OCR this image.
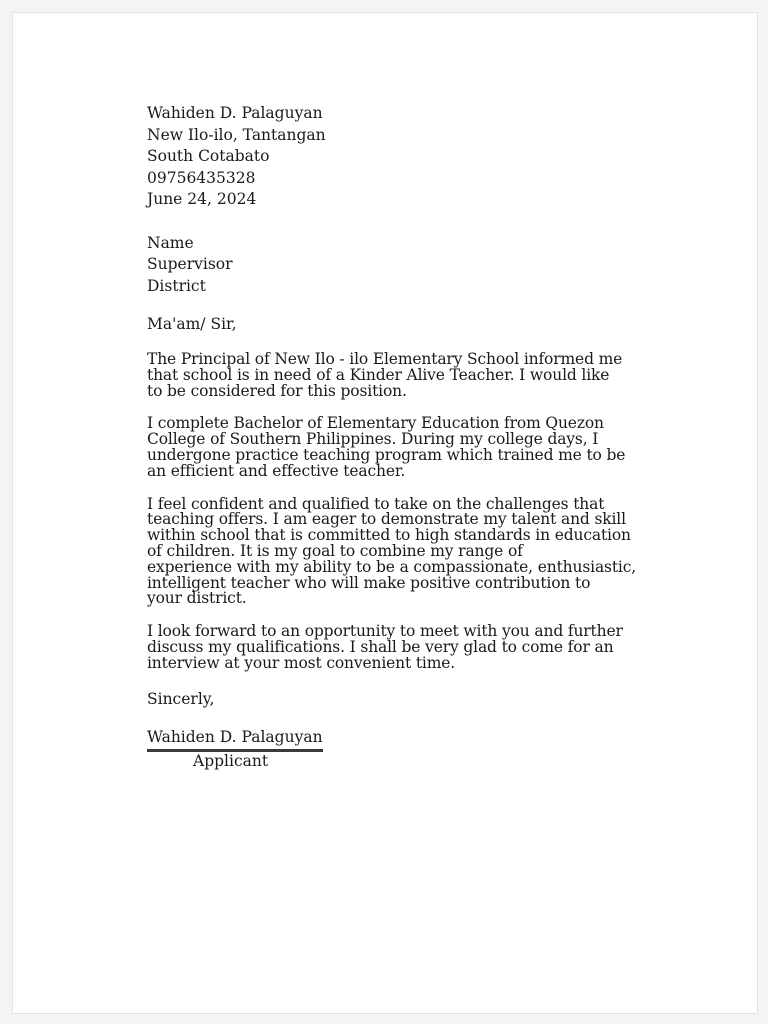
Wahiden D. Palaguyan
New Ilo-ilo, Tantangan
South Cotabato
09756435328
June 24, 2024
Name
Supervisor
District
Ma'am/ Sir,
The Principal of New Ilo - ilo Elementary School informed me
that school is in need of a Kinder Alive Teacher. I would like
to be considered for this position.
I complete Bachelor of Elementary Education from Quezon
College of Southern Philippines. During my college days, I
undergone practice teaching program which trained me to be
an efficient and effective teacher.
I feel confident and qualified to take on the challenges that
teaching offers. I am eager to demonstrate my talent and skill
within school that is committed to high standards in education
of children. It is my goal to combine my range of
experience with my ability to be a compassionate, enthusiastic,
intelligent teacher who will make positive contribution to
your district.
I look forward to an opportunity to meet with you and further
discuss my qualifications. I shall be very glad to come for an
interview at your most convenient time.
Sincerly,
Wahiden D. Palaguyan
Applicant
